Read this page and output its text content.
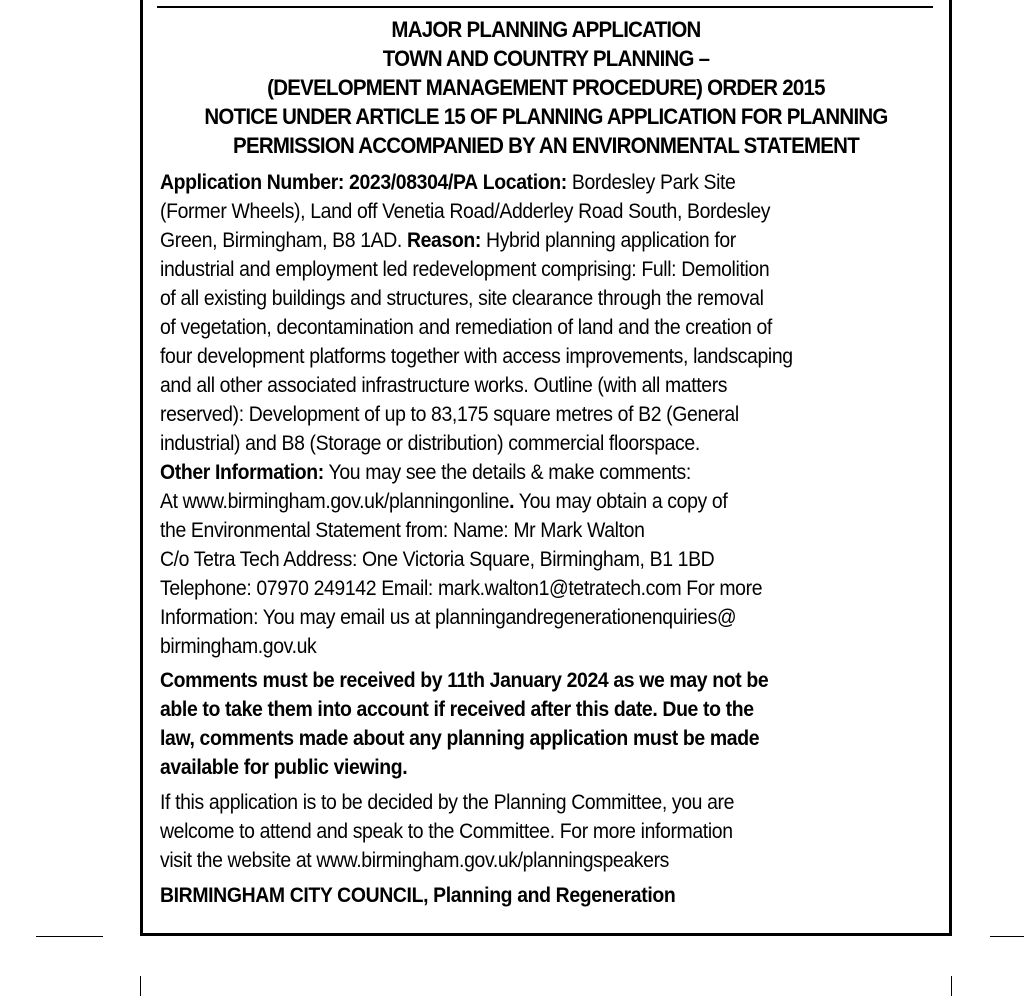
MAJOR PLANNING APPLICATION
TOWN AND COUNTRY PLANNING –
(DEVELOPMENT MANAGEMENT PROCEDURE) ORDER 2015
NOTICE UNDER ARTICLE 15 OF PLANNING APPLICATION FOR PLANNING
PERMISSION ACCOMPANIED BY AN ENVIRONMENTAL STATEMENT
Application Number: 2023/08304/PA Location: Bordesley Park Site
(Former Wheels), Land off Venetia Road/Adderley Road South, Bordesley
Green, Birmingham, B8 1AD. Reason: Hybrid planning application for
industrial and employment led redevelopment comprising: Full: Demolition
of all existing buildings and structures, site clearance through the removal
of vegetation, decontamination and remediation of land and the creation of
four development platforms together with access improvements, landscaping
and all other associated infrastructure works. Outline (with all matters
reserved): Development of up to 83,175 square metres of B2 (General
industrial) and B8 (Storage or distribution) commercial floorspace.
Other Information: You may see the details & make comments:
At www.birmingham.gov.uk/planningonline. You may obtain a copy of
the Environmental Statement from: Name: Mr Mark Walton
C/o Tetra Tech Address: One Victoria Square, Birmingham, B1 1BD
Telephone: 07970 249142 Email: mark.walton1@tetratech.com For more
Information: You may email us at planningandregenerationenquiries@
birmingham.gov.uk
Comments must be received by 11th January 2024 as we may not be
able to take them into account if received after this date. Due to the
law, comments made about any planning application must be made
available for public viewing.
If this application is to be decided by the Planning Committee, you are
welcome to attend and speak to the Committee. For more information
visit the website at www.birmingham.gov.uk/planningspeakers
BIRMINGHAM CITY COUNCIL, Planning and Regeneration
